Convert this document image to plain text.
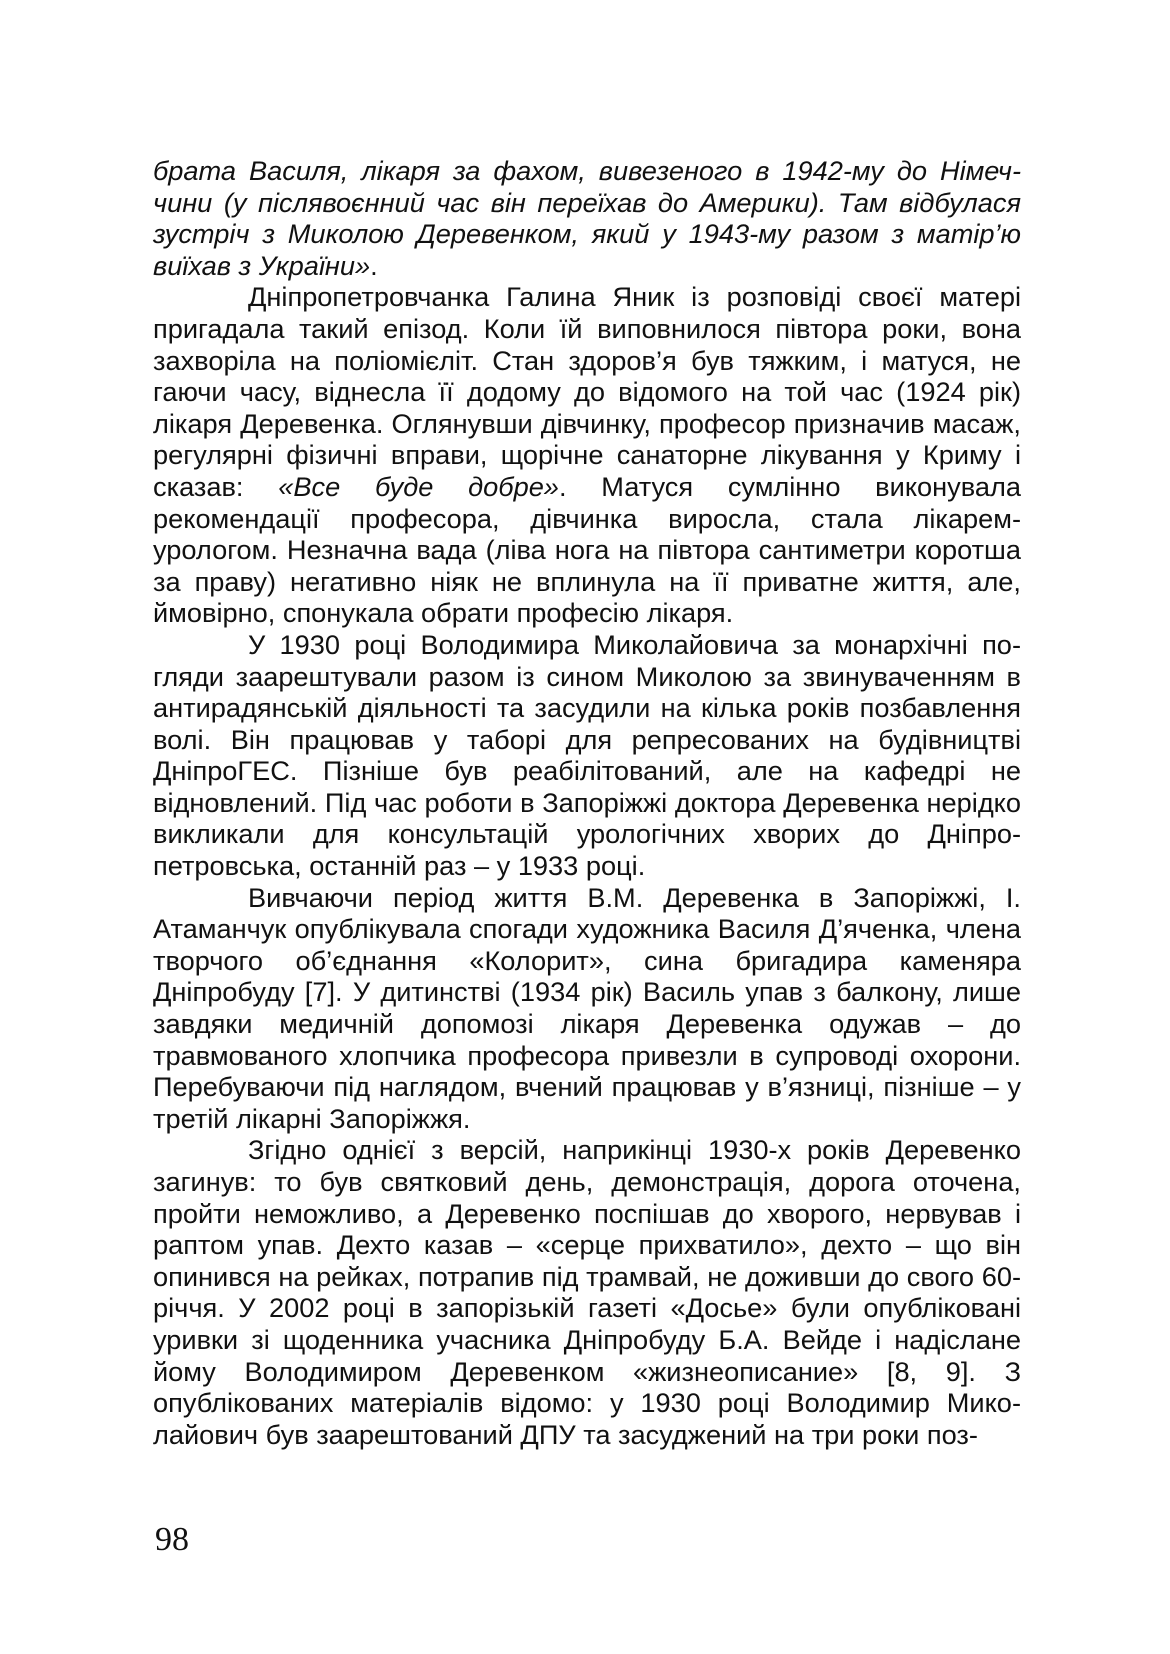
брата Василя, лікаря за фахом, вивезеного в 1942-му до Німеччини (у післявоєнний час він переїхав до Америки). Там відбулася зустріч з Миколою Деревенком, який у 1943-му разом з матір’ю виїхав з України».

Дніпропетровчанка Галина Яник із розповіді своєї матері пригадала такий епізод. Коли їй виповнилося півтора роки, вона захворіла на поліомієліт. Стан здоров’я був тяжким, і матуся, не гаючи часу, віднесла її додому до відомого на той час (1924 рік) лікаря Деревенка. Оглянувши дівчинку, професор призначив масаж, регулярні фізичні вправи, щорічне санаторне лікування у Криму і сказав: «Все буде добре». Матуся сумлінно виконувала рекомендації професора, дівчинка виросла, стала лікарем-урологом. Незначна вада (ліва нога на півтора сантиметри коротша за праву) негативно ніяк не вплинула на її приватне життя, але, ймовірно, спонукала обрати професію лікаря.

У 1930 році Володимира Миколайовича за монархічні погляди заарештували разом із сином Миколою за звинуваченням в антирадянській діяльності та засудили на кілька років позбавлення волі. Він працював у таборі для репресованих на будівництві ДніпроГЕС. Пізніше був реабілітований, але на кафедрі не відновлений. Під час роботи в Запоріжжі доктора Деревенка нерідко викликали для консультацій урологічних хворих до Дніпропетровська, останній раз – у 1933 році.

Вивчаючи період життя В.М. Деревенка в Запоріжжі, І. Атаманчук опублікувала спогади художника Василя Д’яченка, члена творчого об’єднання «Колорит», сина бригадира каменяра Дніпробуду [7]. У дитинстві (1934 рік) Василь упав з балкону, лише завдяки медичній допомозі лікаря Деревенка одужав – до травмованого хлопчика професора привезли в супроводі охорони. Перебуваючи під наглядом, вчений працював у в’язниці, пізніше – у третій лікарні Запоріжжя.

Згідно однієї з версій, наприкінці 1930-х років Деревенко загинув: то був святковий день, демонстрація, дорога оточена, пройти неможливо, а Деревенко поспішав до хворого, нервував і раптом упав. Дехто казав – «серце прихватило», дехто – що він опинився на рейках, потрапив під трамвай, не доживши до свого 60-річчя. У 2002 році в запорізькій газеті «Досье» були опубліковані уривки зі щоденника учасника Дніпробуду Б.А. Вейде і надіслане йому Володимиром Деревенком «жизнеописание» [8, 9]. З опублікованих матеріалів відомо: у 1930 році Володимир Миколайович був заарештований ДПУ та засуджений на три роки поз-

98
